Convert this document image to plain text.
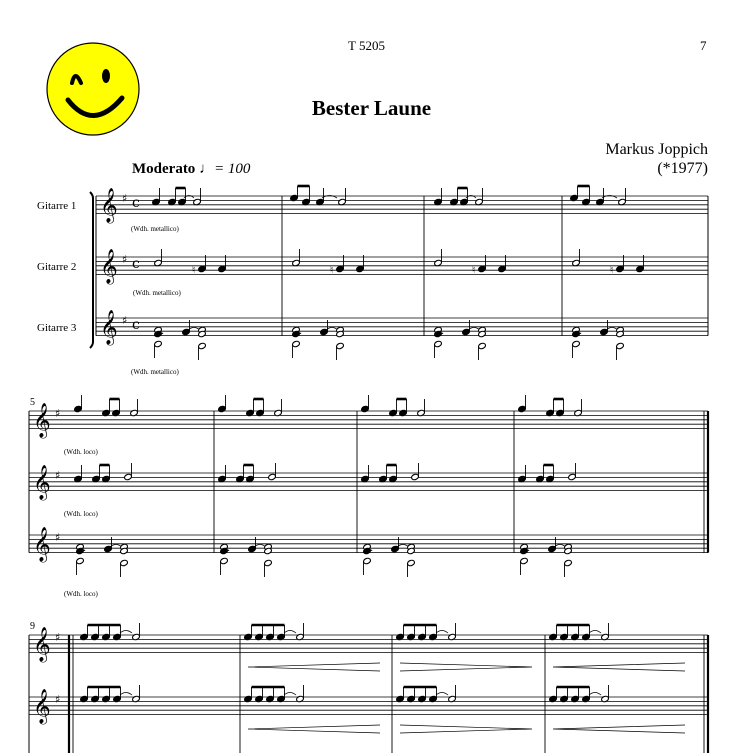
T 5205	7
Bester Laune
Markus Joppich
(*1977)
Moderato ♩= 100
Gitarre 1
Gitarre 2
Gitarre 3
(Wdh. metallico)
(Wdh. metallico)
(Wdh. metallico)
5
(Wdh. loco)
(Wdh. loco)
(Wdh. loco)
9
𝄞 ♯ c
𝄞 ♯ c
𝄞 ♯ c
♮
.
♮
.
♮
.
♮
.
𝄞 ♯
𝄞 ♯
𝄞 ♯
.	.	.	.
𝄞 ♯
𝄞 ♯
